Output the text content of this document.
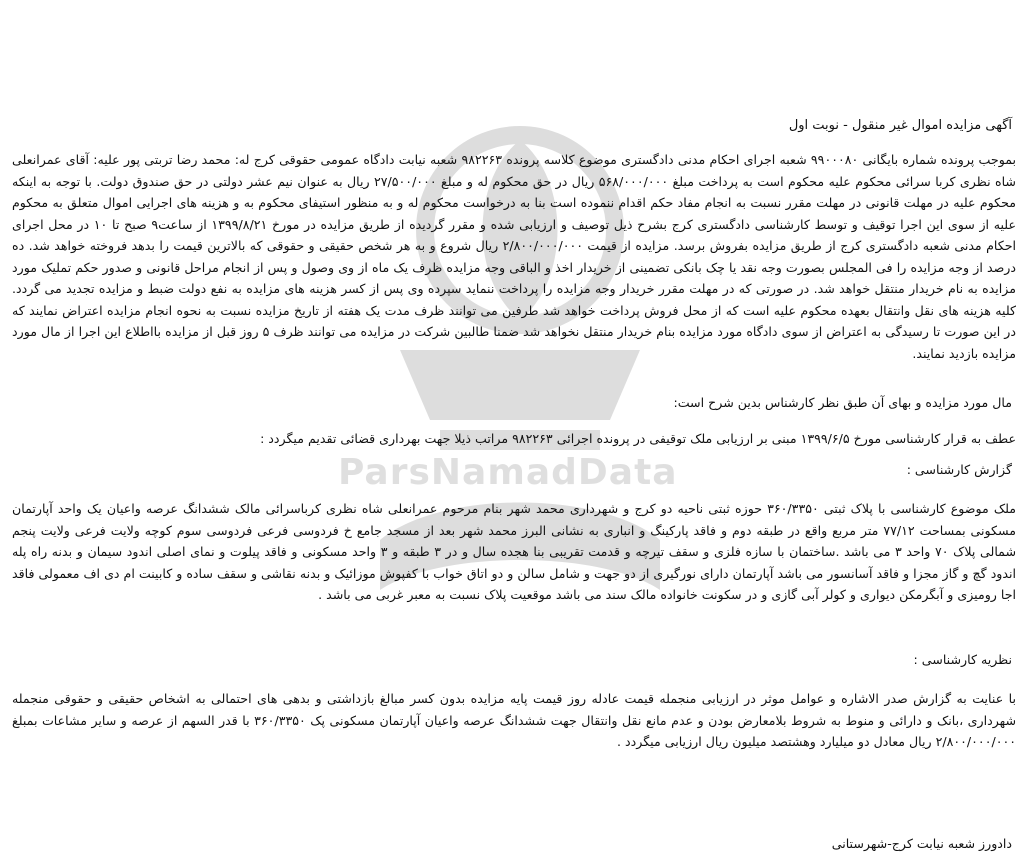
ParsNamadData
آگهی مزایده اموال غیر منقول - نوبت اول

بموجب پرونده شماره بایگانی ۹۹۰۰۰۸۰ شعبه اجرای احکام مدنی دادگستری موضوع کلاسه پرونده ۹۸۲۲۶۳ شعبه نیابت دادگاه عمومی حقوقی کرج له: محمد رضا تربتی پور علیه: آقای عمرانعلی شاه نظری کربا سرائی محکوم علیه محکوم است به پرداخت مبلغ ۵۶۸/۰۰۰/۰۰۰ ریال در حق محکوم له و مبلغ ۲۷/۵۰۰/۰۰۰ ریال به عنوان نیم عشر دولتی در حق صندوق دولت. با توجه به اینکه محکوم علیه در مهلت قانونی در مهلت مقرر نسبت به انجام مفاد حکم اقدام ننموده است بنا به درخواست محکوم له و به منظور استیفای محکوم به و هزینه های اجرایی اموال متعلق به محکوم علیه از سوی این اجرا توقیف و توسط کارشناسی دادگستری کرج بشرح ذیل توصیف و ارزیابی شده و مقرر گردیده از طریق مزایده در مورخ ۱۳۹۹/۸/۲۱ از ساعت۹ صبح تا ۱۰ در محل اجرای احکام مدنی شعبه دادگستری کرج از طریق مزایده بفروش برسد. مزایده از قیمت ۲/۸۰۰/۰۰۰/۰۰۰ ریال شروع و به هر شخص حقیقی و حقوقی که بالاترین قیمت را بدهد فروخته خواهد شد. ده درصد از وجه مزایده را فی المجلس بصورت وجه نقد یا چک بانکی تضمینی از خریدار اخذ و الباقی وجه مزایده ظرف یک ماه از وی وصول و پس از انجام مراحل قانونی و صدور حکم تملیک مورد مزایده به نام خریدار منتقل خواهد شد. در صورتی که در مهلت مقرر خریدار وجه مزایده را پرداخت ننماید سپرده وی پس از کسر هزینه های مزایده به نفع دولت ضبط و مزایده تجدید می گردد. کلیه هزینه های نقل وانتقال بعهده محکوم علیه است که از محل فروش پرداخت خواهد شد طرفین می توانند ظرف مدت یک هفته از تاریخ مزایده نسبت به نحوه انجام مزایده اعتراض نمایند که در این صورت تا رسیدگی به اعتراض از سوی دادگاه مورد مزایده بنام خریدار منتقل نخواهد شد ضمنا طالبین شرکت در مزایده می توانند ظرف ۵ روز قبل از مزایده بااطلاع این اجرا از مال مورد مزایده بازدید نمایند.

مال مورد مزایده و بهای آن طبق نظر کارشناس بدین شرح است:

عطف به قرار کارشناسی مورخ ۱۳۹۹/۶/۵ مبنی بر ارزیابی ملک توقیفی در پرونده اجرائی ۹۸۲۲۶۳ مراتب ذیلا جهت بهرداری قضائی تقدیم میگردد :

گزارش کارشناسی :

ملک موضوع کارشناسی با پلاک ثبتی ۳۶۰/۳۳۵۰ حوزه ثبتی ناحیه دو کرج و شهرداری محمد شهر بنام مرحوم عمرانعلی شاه نظری کرباسرائی مالک ششدانگ عرصه واعیان یک واحد آپارتمان مسکونی بمساحت ۷۷/۱۲ متر مربع واقع در طبقه دوم و فاقد پارکینگ و انباری به نشانی البرز محمد شهر بعد از مسجد جامع خ فردوسی فرعی فردوسی سوم کوچه ولایت فرعی ولایت پنجم شمالی پلاک ۷۰ واحد ۳ می باشد .ساختمان با سازه فلزی و سقف تیرچه و قدمت تقریبی بنا هجده سال و در ۳ طبقه و ۳ واحد مسکونی و فاقد پیلوت و نمای اصلی اندود سیمان و بدنه راه پله اندود گچ و گاز مجزا و فاقد آسانسور می باشد آپارتمان دارای نورگیری از دو جهت و شامل سالن و دو اتاق خواب با کفپوش موزائیک و بدنه نقاشی و سقف ساده و کابینت ام دی اف معمولی فاقد اجا رومیزی و آبگرمکن دیواری و کولر آبی گازی و در سکونت خانواده مالک سند می باشد موقعیت پلاک نسبت به معبر غربی می باشد .

نظریه کارشناسی :

با عنایت به گزارش صدر الاشاره و عوامل موثر در ارزیابی منجمله قیمت عادله روز قیمت پایه مزایده بدون کسر مبالغ بازداشتی و بدهی های احتمالی به اشخاص حقیقی و حقوقی منجمله شهرداری ،بانک و دارائی و منوط به شروط بلامعارض بودن و عدم مانع نقل وانتقال جهت ششدانگ عرصه واعیان آپارتمان مسکونی پک ۳۶۰/۳۳۵۰ با قدر السهم از عرصه و سایر مشاعات بمبلغ ۲/۸۰۰/۰۰۰/۰۰۰ ریال معادل دو میلیارد وهشتصد میلیون ریال ارزیابی میگردد .

دادورز شعبه نیابت کرج-شهرستانی
